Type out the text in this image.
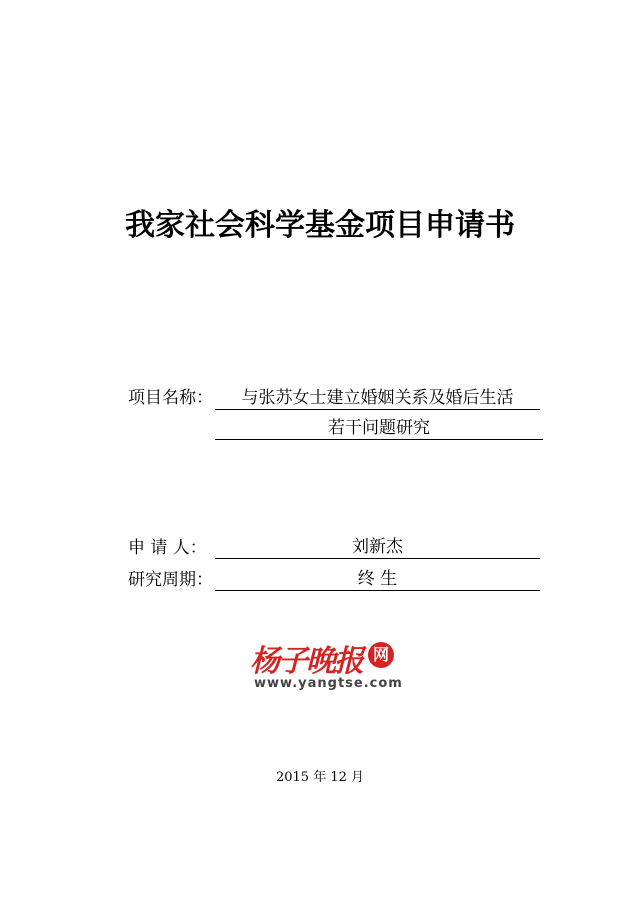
我家社会科学基金项目申请书
项目名称：	与张苏女士建立婚姻关系及婚后生活
若干问题研究
申 请 人：	刘新杰
研究周期：	终 生
杨子晚报 网
www.yangtse.com
2015 年 12 月
